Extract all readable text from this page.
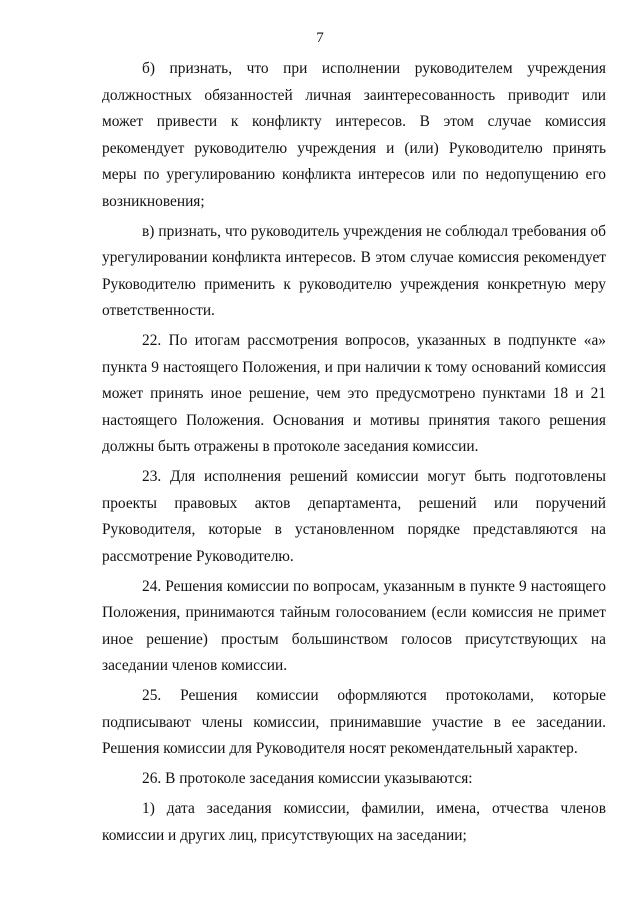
7

б) признать, что при исполнении руководителем учреждения должностных обязанностей личная заинтересованность приводит или может привести к конфликту интересов. В этом случае комиссия рекомендует руководителю учреждения и (или) Руководителю принять меры по урегулированию конфликта интересов или по недопущению его возникновения;

в) признать, что руководитель учреждения не соблюдал требования об урегулировании конфликта интересов. В этом случае комиссия рекомендует Руководителю применить к руководителю учреждения конкретную меру ответственности.

22. По итогам рассмотрения вопросов, указанных в подпункте «а» пункта 9 настоящего Положения, и при наличии к тому оснований комиссия может принять иное решение, чем это предусмотрено пунктами 18 и 21 настоящего Положения. Основания и мотивы принятия такого решения должны быть отражены в протоколе заседания комиссии.

23. Для исполнения решений комиссии могут быть подготовлены проекты правовых актов департамента, решений или поручений Руководителя, которые в установленном порядке представляются на рассмотрение Руководителю.

24. Решения комиссии по вопросам, указанным в пункте 9 настоящего Положения, принимаются тайным голосованием (если комиссия не примет иное решение) простым большинством голосов присутствующих на заседании членов комиссии.

25. Решения комиссии оформляются протоколами, которые подписывают члены комиссии, принимавшие участие в ее заседании. Решения комиссии для Руководителя носят рекомендательный характер.

26. В протоколе заседания комиссии указываются:

1) дата заседания комиссии, фамилии, имена, отчества членов комиссии и других лиц, присутствующих на заседании;
